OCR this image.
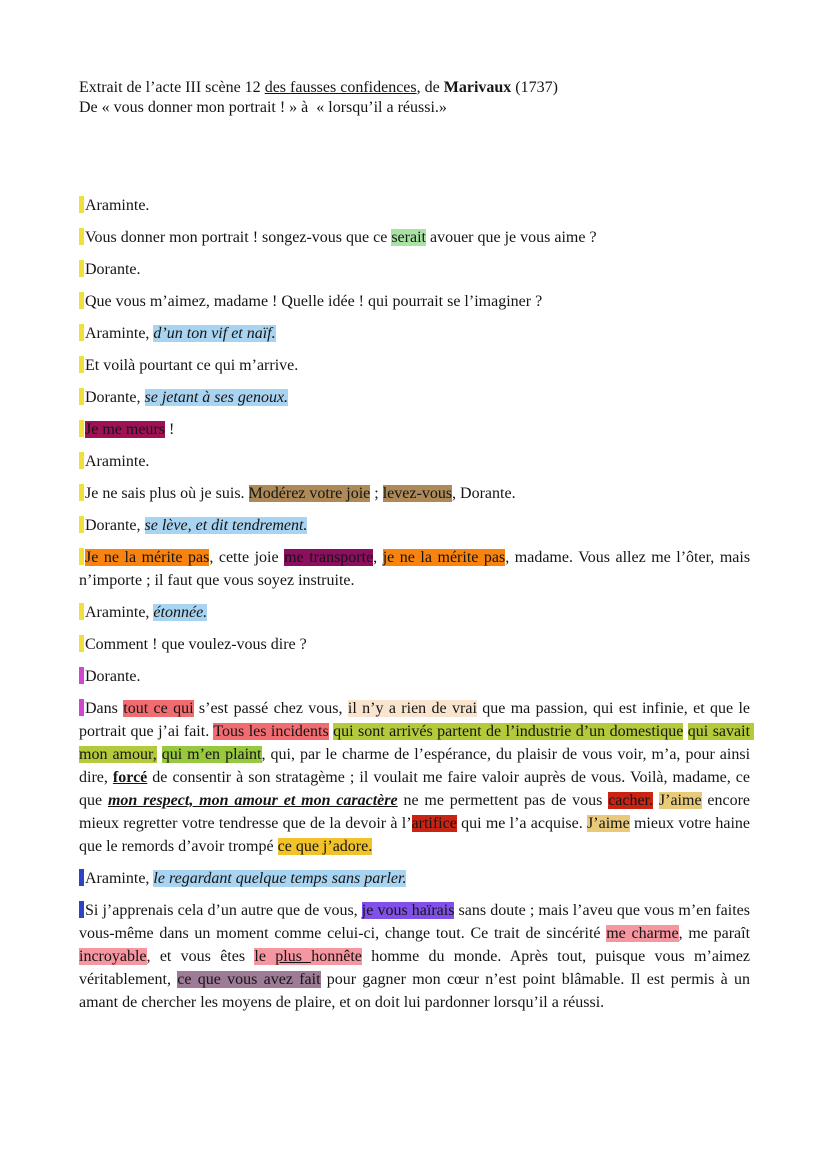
Extrait de l’acte III scène 12 des fausses confidences, de Marivaux (1737)
De « vous donner mon portrait ! » à  « lorsqu’il a réussi.»

Araminte.

Vous donner mon portrait ! songez-vous que ce serait avouer que je vous aime ?

Dorante.

Que vous m’aimez, madame ! Quelle idée ! qui pourrait se l’imaginer ?

Araminte, d’un ton vif et naïf.

Et voilà pourtant ce qui m’arrive.

Dorante, se jetant à ses genoux.

Je me meurs !

Araminte.

Je ne sais plus où je suis. Modérez votre joie ; levez-vous, Dorante.

Dorante, se lève, et dit tendrement.

Je ne la mérite pas, cette joie me transporte, je ne la mérite pas, madame. Vous allez me l’ôter, mais n’importe ; il faut que vous soyez instruite.

Araminte, étonnée.

Comment ! que voulez-vous dire ?

Dorante.

Dans tout ce qui s’est passé chez vous, il n’y a rien de vrai que ma passion, qui est infinie, et que le portrait que j’ai fait. Tous les incidents qui sont arrivés partent de l’industrie d’un domestique qui savait mon amour, qui m’en plaint, qui, par le charme de l’espérance, du plaisir de vous voir, m’a, pour ainsi dire, forcé de consentir à son stratagème ; il voulait me faire valoir auprès de vous. Voilà, madame, ce que mon respect, mon amour et mon caractère ne me permettent pas de vous cacher. J’aime encore mieux regretter votre tendresse que de la devoir à l’artifice qui me l’a acquise. J’aime mieux votre haine que le remords d’avoir trompé ce que j’adore.

Araminte, le regardant quelque temps sans parler.

Si j’apprenais cela d’un autre que de vous, je vous haïrais sans doute ; mais l’aveu que vous m’en faites vous-même dans un moment comme celui-ci, change tout. Ce trait de sincérité me charme, me paraît incroyable, et vous êtes le plus honnête homme du monde. Après tout, puisque vous m’aimez véritablement, ce que vous avez fait pour gagner mon cœur n’est point blâmable. Il est permis à un amant de chercher les moyens de plaire, et on doit lui pardonner lorsqu’il a réussi.
